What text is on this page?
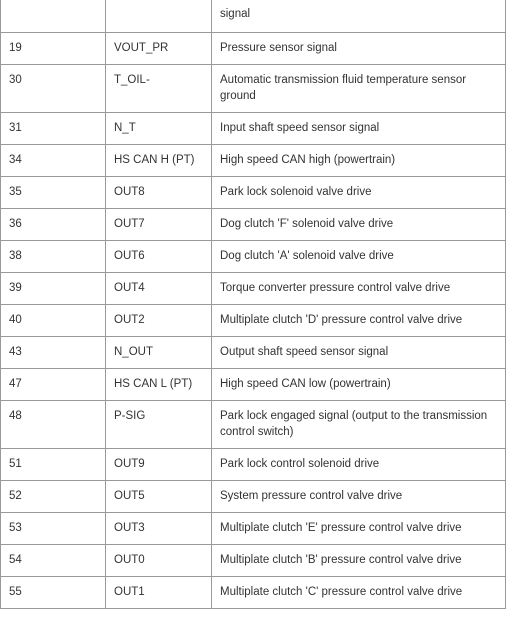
		signal
19	VOUT_PR	Pressure sensor signal
30	T_OIL-	Automatic transmission fluid temperature sensor ground
31	N_T	Input shaft speed sensor signal
34	HS CAN H (PT)	High speed CAN high (powertrain)
35	OUT8	Park lock solenoid valve drive
36	OUT7	Dog clutch 'F' solenoid valve drive
38	OUT6	Dog clutch 'A' solenoid valve drive
39	OUT4	Torque converter pressure control valve drive
40	OUT2	Multiplate clutch 'D' pressure control valve drive
43	N_OUT	Output shaft speed sensor signal
47	HS CAN L (PT)	High speed CAN low (powertrain)
48	P-SIG	Park lock engaged signal (output to the transmission control switch)
51	OUT9	Park lock control solenoid drive
52	OUT5	System pressure control valve drive
53	OUT3	Multiplate clutch 'E' pressure control valve drive
54	OUT0	Multiplate clutch 'B' pressure control valve drive
55	OUT1	Multiplate clutch 'C' pressure control valve drive
